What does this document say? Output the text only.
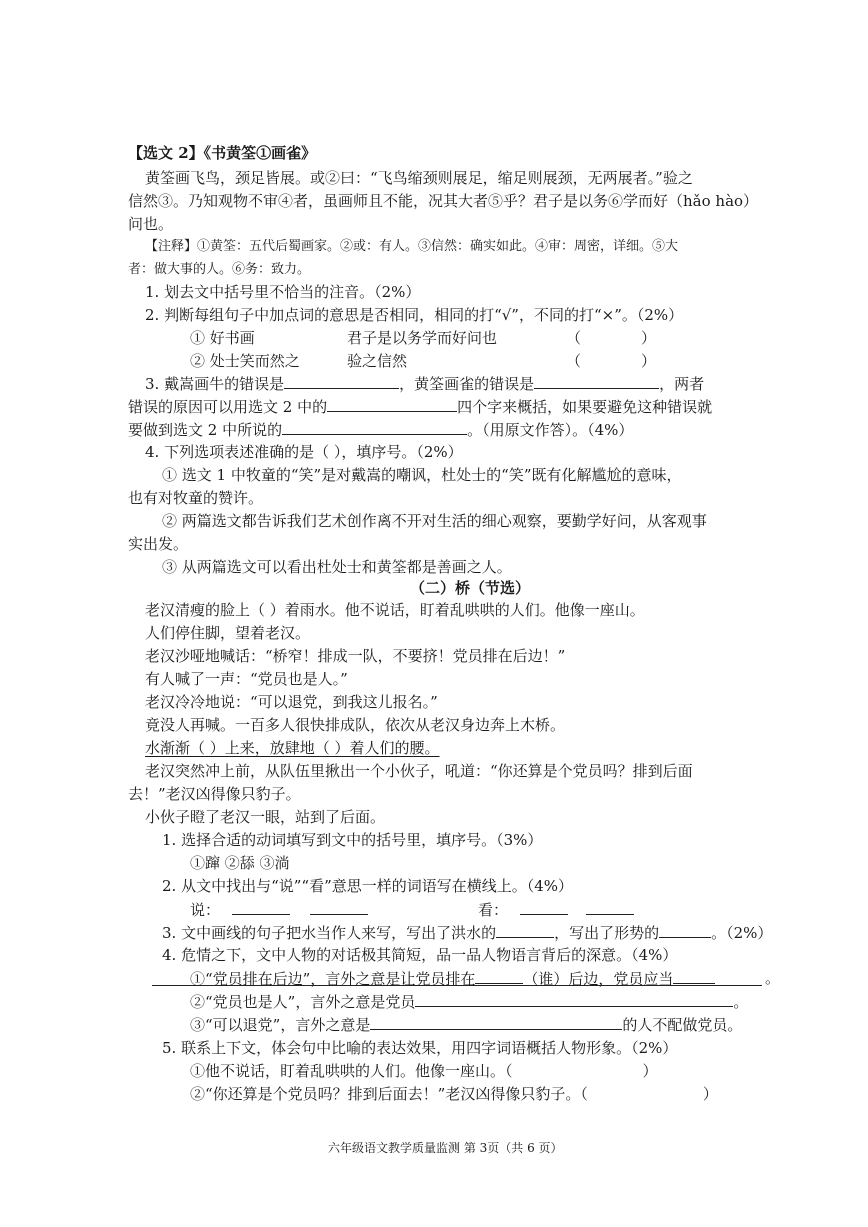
【选文 2】《书黄筌①画雀》
黄筌画飞鸟，颈足皆展。或②曰：“飞鸟缩颈则展足，缩足则展颈，无两展者。”验之
信然③。乃知观物不审④者，虽画师且不能，况其大者⑤乎？君子是以务⑥学而好（hǎo hào）
问也。
【注释】①黄筌：五代后蜀画家。②或：有人。③信然：确实如此。④审：周密，详细。⑤大
者：做大事的人。⑥务：致力。
1. 划去文中括号里不恰当的注音。（2%）
2. 判断每组句子中加点词的意思是否相同，相同的打“√”，不同的打“×”。（2%）
① 好书画	君子是以务学而好问也	（	）
② 处士笑而然之	验之信然	（	）
3. 戴嵩画牛的错误是	，黄筌画雀的错误是	，两者
错误的原因可以用选文 2 中的	四个字来概括，如果要避免这种错误就
要做到选文 2 中所说的	。（用原文作答）。（4%）
4. 下列选项表述准确的是（ ），填序号。（2%）
① 选文 1 中牧童的“笑”是对戴嵩的嘲讽，杜处士的“笑”既有化解尴尬的意味，
也有对牧童的赞许。
② 两篇选文都告诉我们艺术创作离不开对生活的细心观察，要勤学好问，从客观事
实出发。
③ 从两篇选文可以看出杜处士和黄筌都是善画之人。
（二）桥（节选）
老汉清瘦的脸上（ ）着雨水。他不说话，盯着乱哄哄的人们。他像一座山。
人们停住脚，望着老汉。
老汉沙哑地喊话：“桥窄！排成一队，不要挤！党员排在后边！”
有人喊了一声：“党员也是人。”
老汉冷冷地说：“可以退党，到我这儿报名。”
竟没人再喊。一百多人很快排成队，依次从老汉身边奔上木桥。
水渐渐（ ）上来，放肆地（ ）着人们的腰。
老汉突然冲上前，从队伍里揪出一个小伙子，吼道：“你还算是个党员吗？排到后面
去！”老汉凶得像只豹子。
小伙子瞪了老汉一眼，站到了后面。
1. 选择合适的动词填写到文中的括号里，填序号。（3%）
①蹿 ②舔 ③淌
2. 从文中找出与“说”“看”意思一样的词语写在横线上。（4%）
说：	看：
3. 文中画线的句子把水当作人来写，写出了洪水的	，写出了形势的	。（2%）
4. 危情之下，文中人物的对话极其简短，品一品人物语言背后的深意。（4%）
①“党员排在后边”，言外之意是让党员排在	（谁）后边，党员应当	。
②“党员也是人”，言外之意是党员	。
③“可以退党”，言外之意是	的人不配做党员。
5. 联系上下文，体会句中比喻的表达效果，用四字词语概括人物形象。（2%）
①他不说话，盯着乱哄哄的人们。他像一座山。（	）
②“你还算是个党员吗？排到后面去！”老汉凶得像只豹子。（	）
六年级语文教学质量监测 第 3页（共 6 页）
